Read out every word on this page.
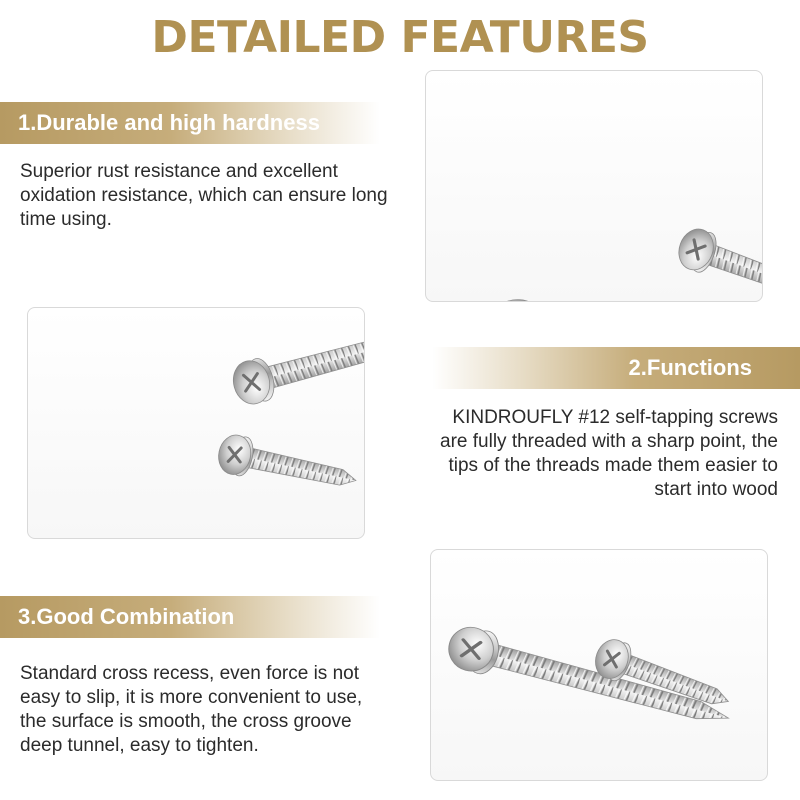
DETAILED FEATURES
1.Durable and high hardness
Superior rust resistance and excellent oxidation resistance, which can ensure long time using.
2.Functions
KINDROUFLY #12 self-tapping screws are fully threaded with a sharp point, the tips of the threads made them easier to start into wood
3.Good Combination
Standard cross recess, even force is not easy to slip, it is more convenient to use, the surface is smooth, the cross groove deep tunnel, easy to tighten.
